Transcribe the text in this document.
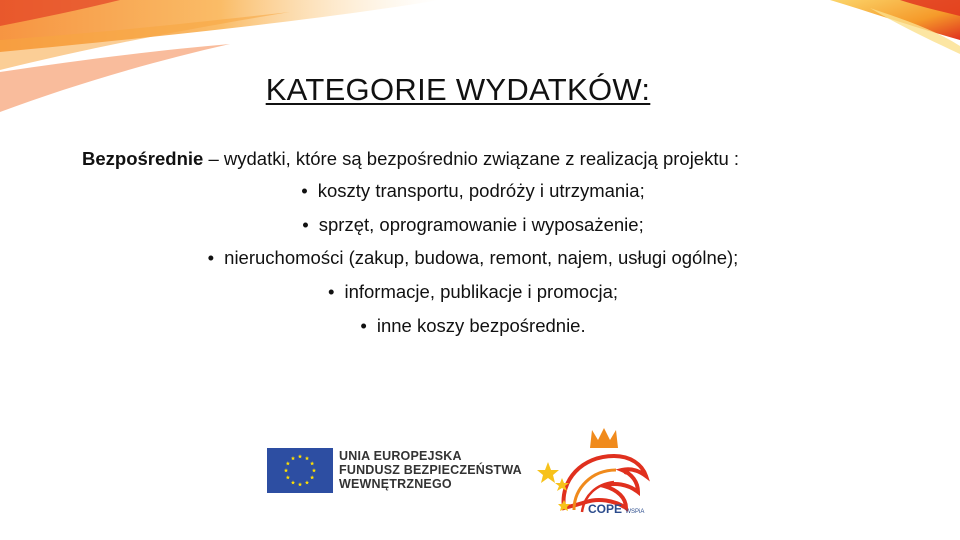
KATEGORIE WYDATKÓW:
Bezpośrednie – wydatki, które są bezpośrednio związane z realizacją projektu :
• koszty transportu, podróży i utrzymania;
• sprzęt, oprogramowanie i wyposażenie;
• nieruchomości (zakup, budowa, remont, najem, usługi ogólne);
• informacje, publikacje i promocja;
• inne koszy bezpośrednie.
UNIA EUROPEJSKA
FUNDUSZ BEZPIECZEŃSTWA
WEWNĘTRZNEGO
COPE WSPiA
